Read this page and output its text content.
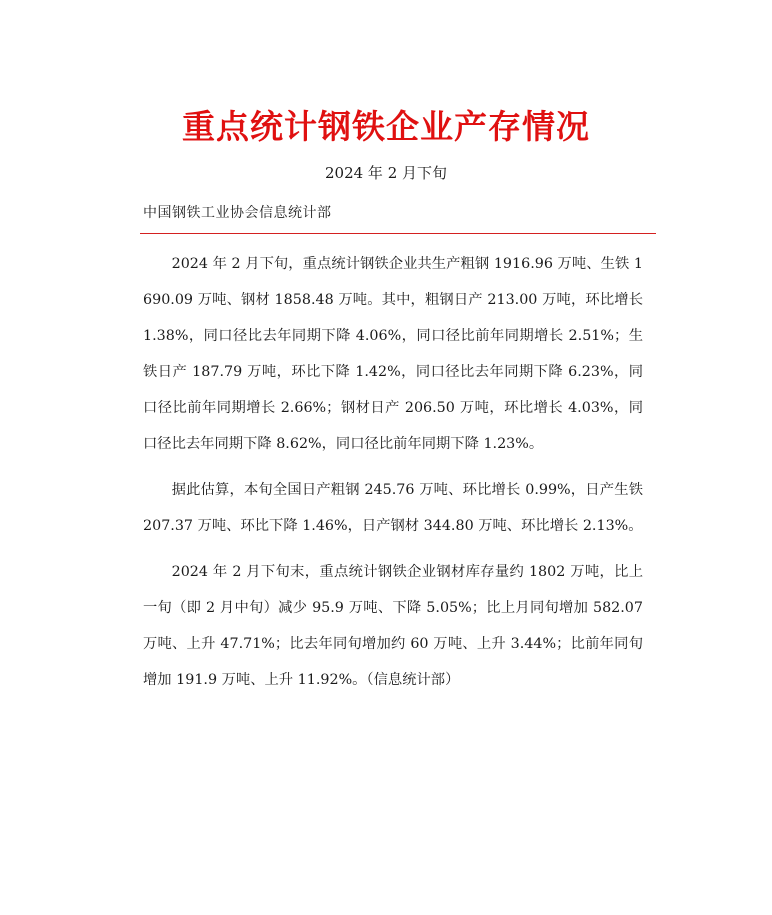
重点统计钢铁企业产存情况
2024 年 2 月下旬
中国钢铁工业协会信息统计部

2024 年 2 月下旬，重点统计钢铁企业共生产粗钢 1916.96 万吨、生铁 1690.09 万吨、钢材 1858.48 万吨。其中，粗钢日产 213.00 万吨，环比增长 1.38%，同口径比去年同期下降 4.06%，同口径比前年同期增长 2.51%；生铁日产 187.79 万吨，环比下降 1.42%，同口径比去年同期下降 6.23%，同口径比前年同期增长 2.66%；钢材日产 206.50 万吨，环比增长 4.03%，同口径比去年同期下降 8.62%，同口径比前年同期下降 1.23%。

据此估算，本旬全国日产粗钢 245.76 万吨、环比增长 0.99%，日产生铁 207.37 万吨、环比下降 1.46%，日产钢材 344.80 万吨、环比增长 2.13%。

2024 年 2 月下旬末，重点统计钢铁企业钢材库存量约 1802 万吨，比上一旬（即 2 月中旬）减少 95.9 万吨、下降 5.05%；比上月同旬增加 582.07 万吨、上升 47.71%；比去年同旬增加约 60 万吨、上升 3.44%；比前年同旬增加 191.9 万吨、上升 11.92%。（信息统计部）
